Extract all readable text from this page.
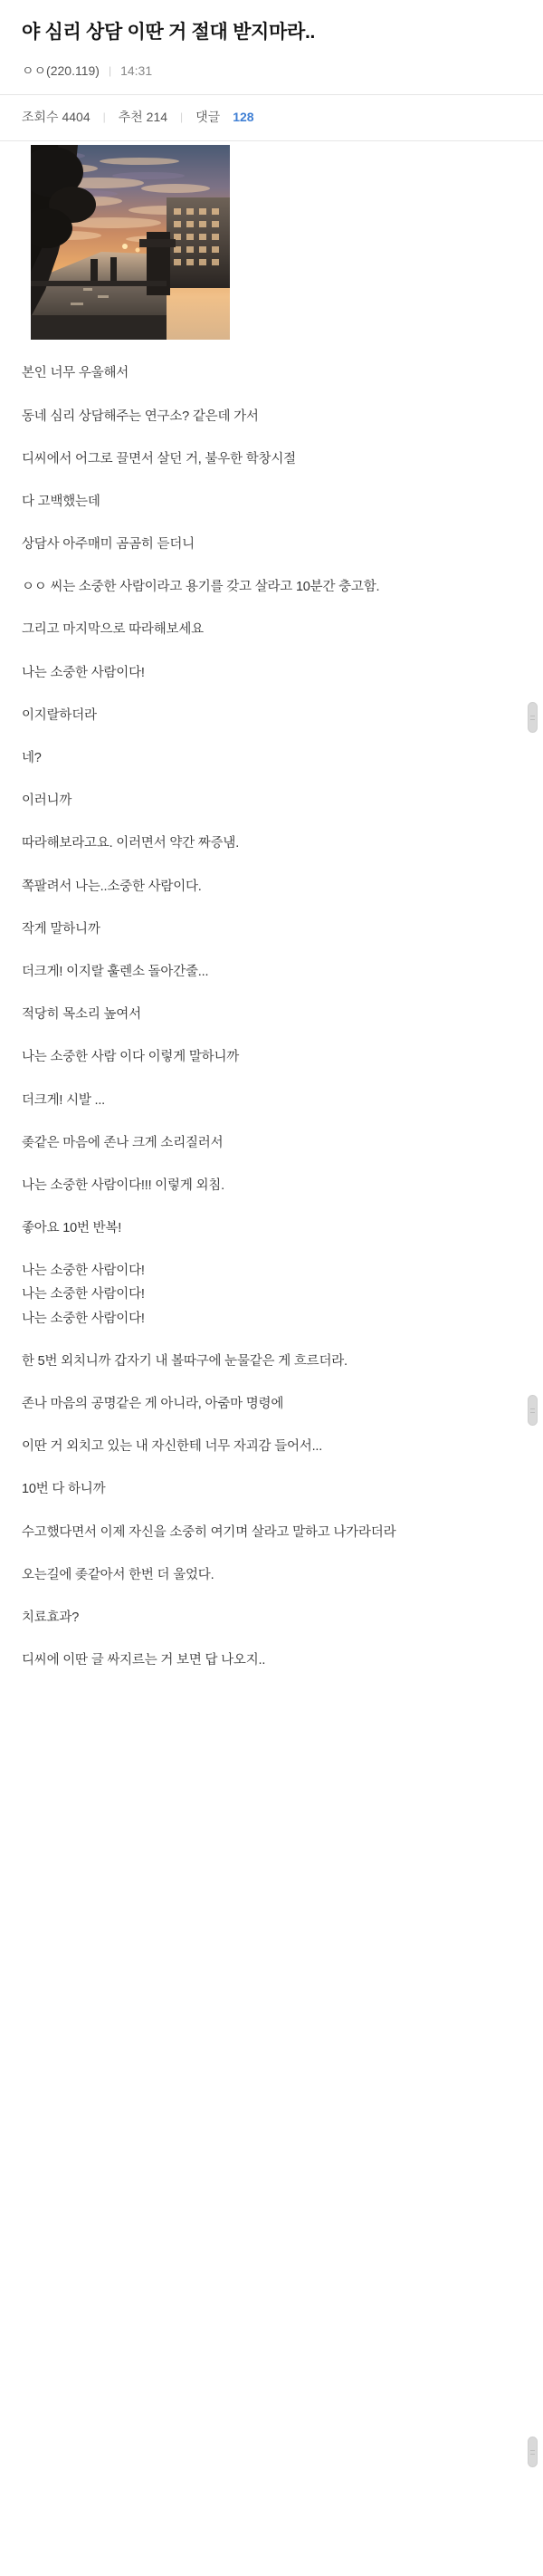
야 심리 상담 이딴 거 절대 받지마라..
ㅇㅇ(220.119) | 14:31
조회수 4404 | 추천 214 | 댓글 128

본인 너무 우울해서

동네 심리 상담해주는 연구소? 같은데 가서

디씨에서 어그로 끌면서 살던 거, 불우한 학창시절

다 고백했는데

상담사 아주매미 곰곰히 듣더니

ㅇㅇ 씨는 소중한 사람이라고 용기를 갖고 살라고 10분간 충고함.

그리고 마지막으로 따라해보세요

나는 소중한 사람이다!

이지랄하더라

네?

이러니까

따라해보라고요. 이러면서 약간 짜증냄.

쪽팔려서 나는..소중한 사람이다.

작게 말하니까

더크게! 이지랄 훌렌소 돌아간줄...

적당히 목소리 높여서

나는 소중한 사람 이다 이렇게 말하니까

더크게! 시발 ...

좆같은 마음에 존나 크게 소리질러서

나는 소중한 사람이다!!! 이렇게 외침.

좋아요 10번 반복!

나는 소중한 사람이다!

나는 소중한 사람이다!

나는 소중한 사람이다!

한 5번 외치니까 갑자기 내 볼따구에 눈물같은 게 흐르더라.

존나 마음의 공명같은 게 아니라, 아줌마 명령에

이딴 거 외치고 있는 내 자신한테 너무 자괴감 들어서...

10번 다 하니까

수고했다면서 이제 자신을 소중히 여기며 살라고 말하고 나가라더라

오는길에 좆같아서 한번 더 울었다.

치료효과?

디씨에 이딴 글 싸지르는 거 보면 답 나오지..
